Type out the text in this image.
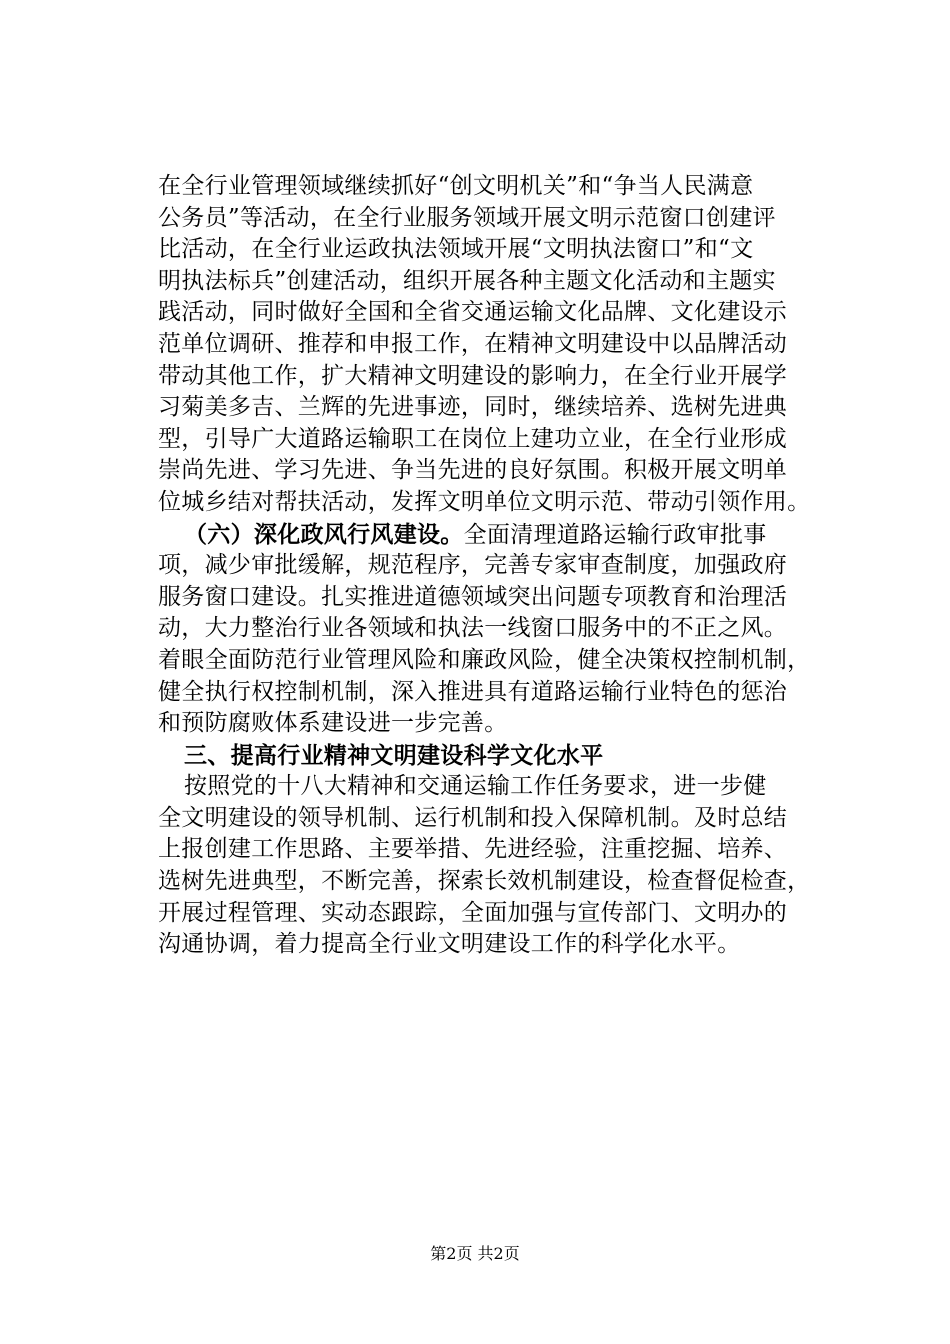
在全行业管理领域继续抓好“创文明机关”和“争当人民满意
公务员”等活动，在全行业服务领域开展文明示范窗口创建评
比活动，在全行业运政执法领域开展“文明执法窗口”和“文
明执法标兵”创建活动，组织开展各种主题文化活动和主题实
践活动，同时做好全国和全省交通运输文化品牌、文化建设示
范单位调研、推荐和申报工作，在精神文明建设中以品牌活动
带动其他工作，扩大精神文明建设的影响力，在全行业开展学
习菊美多吉、兰辉的先进事迹，同时，继续培养、选树先进典
型，引导广大道路运输职工在岗位上建功立业，在全行业形成
崇尚先进、学习先进、争当先进的良好氛围。积极开展文明单
位城乡结对帮扶活动，发挥文明单位文明示范、带动引领作用。
（六）深化政风行风建设。全面清理道路运输行政审批事
项，减少审批缓解，规范程序，完善专家审查制度，加强政府
服务窗口建设。扎实推进道德领域突出问题专项教育和治理活
动，大力整治行业各领域和执法一线窗口服务中的不正之风。
着眼全面防范行业管理风险和廉政风险，健全决策权控制机制，
健全执行权控制机制，深入推进具有道路运输行业特色的惩治
和预防腐败体系建设进一步完善。
三、提高行业精神文明建设科学文化水平
按照党的十八大精神和交通运输工作任务要求，进一步健
全文明建设的领导机制、运行机制和投入保障机制。及时总结
上报创建工作思路、主要举措、先进经验，注重挖掘、培养、
选树先进典型，不断完善，探索长效机制建设，检查督促检查，
开展过程管理、实动态跟踪，全面加强与宣传部门、文明办的
沟通协调，着力提高全行业文明建设工作的科学化水平。
第2页 共2页
